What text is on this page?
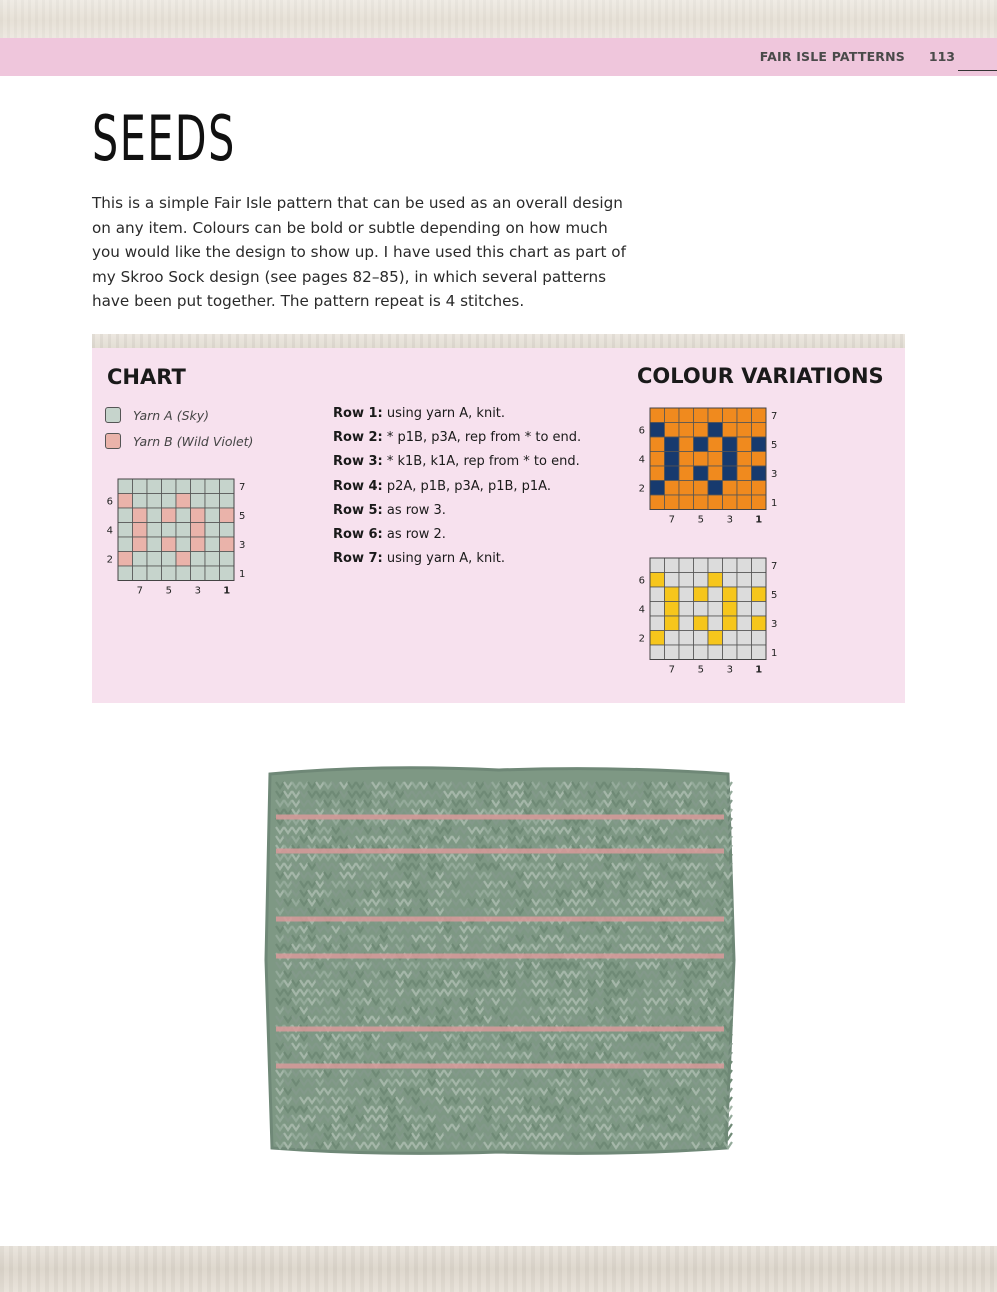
FAIR ISLE PATTERNS 113
SEEDS

This is a simple Fair Isle pattern that can be used as an overall design on any item. Colours can be bold or subtle depending on how much you would like the design to show up. I have used this chart as part of my Skroo Sock design (see pages 82–85), in which several patterns have been put together. The pattern repeat is 4 stitches.

CHART	COLOUR VARIATIONS
Yarn A (Sky)
Yarn B (Wild Violet)
Row 1: using yarn A, knit.
Row 2: * p1B, p3A, rep from * to end.
Row 3: * k1B, k1A, rep from * to end.
Row 4: p2A, p1B, p3A, p1B, p1A.
Row 5: as row 3.
Row 6: as row 2.
Row 7: using yarn A, knit.
7
5
3
1
6
4
2
7 5 3 1
7
5
3
1
6
4
2
7 5 3 1
7
5
3
1
6
4
2
7 5 3 1
